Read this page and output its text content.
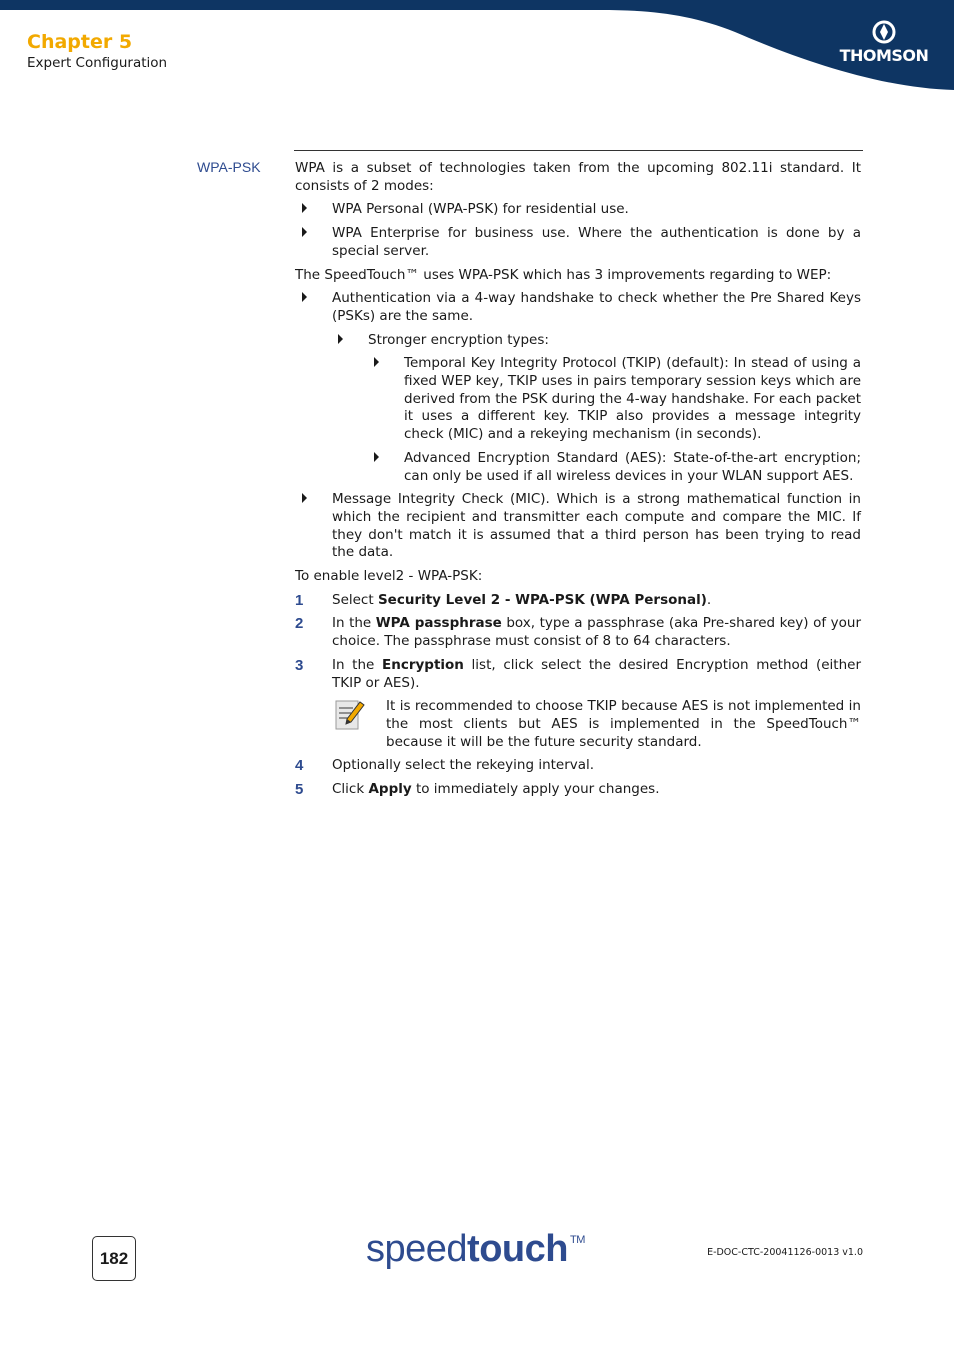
Chapter 5

Expert Configuration	THOMSON
WPA-PSK	WPA is a subset of technologies taken from the upcoming 802.11i standard. It consists of 2 modes:

WPA Personal (WPA-PSK) for residential use.
WPA Enterprise for business use. Where the authentication is done by a special server.

The SpeedTouch™ uses WPA-PSK which has 3 improvements regarding to WEP:

Authentication via a 4-way handshake to check whether the Pre Shared Keys (PSKs) are the same.
Stronger encryption types:
Temporal Key Integrity Protocol (TKIP) (default): In stead of using a fixed WEP key, TKIP uses in pairs temporary session keys which are derived from the PSK during the 4-way handshake. For each packet it uses a different key. TKIP also provides a message integrity check (MIC) and a rekeying mechanism (in seconds).
Advanced Encryption Standard (AES): State-of-the-art encryption; can only be used if all wireless devices in your WLAN support AES.
Message Integrity Check (MIC). Which is a strong mathematical function in which the recipient and transmitter each compute and compare the MIC. If they don't match it is assumed that a third person has been trying to read the data.

To enable level2 - WPA-PSK:

1 Select Security Level 2 - WPA-PSK (WPA Personal).
2 In the WPA passphrase box, type a passphrase (aka Pre-shared key) of your choice. The passphrase must consist of 8 to 64 characters.
3 In the Encryption list, click select the desired Encryption method (either TKIP or AES).
It is recommended to choose TKIP because AES is not implemented in the most clients but AES is implemented in the SpeedTouch™ because it will be the future security standard.
4 Optionally select the rekeying interval.
5 Click Apply to immediately apply your changes.
182	speedtouch ™

E-DOC-CTC-20041126-0013 v1.0
